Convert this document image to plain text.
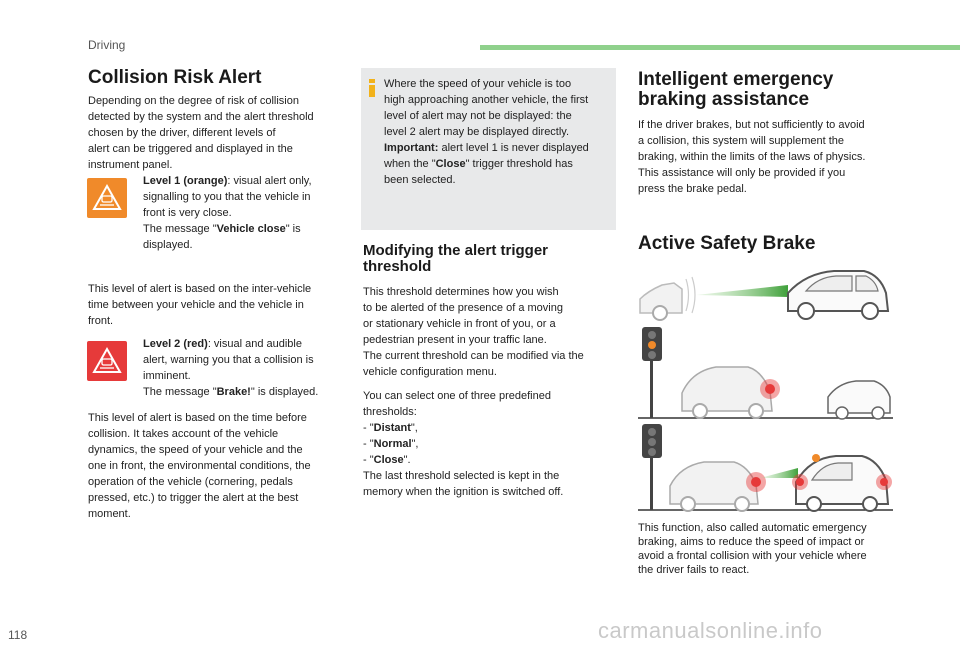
Driving
118	carmanualsonline.info
Collision Risk Alert

Depending on the degree of risk of collision

detected by the system and the alert threshold

chosen by the driver, different levels of

alert can be triggered and displayed in the

instrument panel.

Level 1 (orange): visual alert only,

signalling to you that the vehicle in

front is very close.

The message "Vehicle close" is

displayed.

This level of alert is based on the inter-vehicle

time between your vehicle and the vehicle in

front.

Level 2 (red): visual and audible

alert, warning you that a collision is

imminent.

The message "Brake!" is displayed.

This level of alert is based on the time before

collision. It takes account of the vehicle

dynamics, the speed of your vehicle and the

one in front, the environmental conditions, the

operation of the vehicle (cornering, pedals

pressed, etc.) to trigger the alert at the best

moment.

Where the speed of your vehicle is too

high approaching another vehicle, the first

level of alert may not be displayed: the

level 2 alert may be displayed directly.

Important: alert level 1 is never displayed

when the "Close" trigger threshold has

been selected.

Modifying the alert trigger
threshold

This threshold determines how you wish

to be alerted of the presence of a moving

or stationary vehicle in front of you, or a

pedestrian present in your traffic lane.

The current threshold can be modified via the

vehicle configuration menu.

You can select one of three predefined

thresholds:

- "Distant",

- "Normal",

- "Close".

The last threshold selected is kept in the

memory when the ignition is switched off.

Intelligent emergency
braking assistance

If the driver brakes, but not sufficiently to avoid

a collision, this system will supplement the

braking, within the limits of the laws of physics.

This assistance will only be provided if you

press the brake pedal.

Active Safety Brake

This function, also called automatic emergency

braking, aims to reduce the speed of impact or

avoid a frontal collision with your vehicle where

the driver fails to react.
